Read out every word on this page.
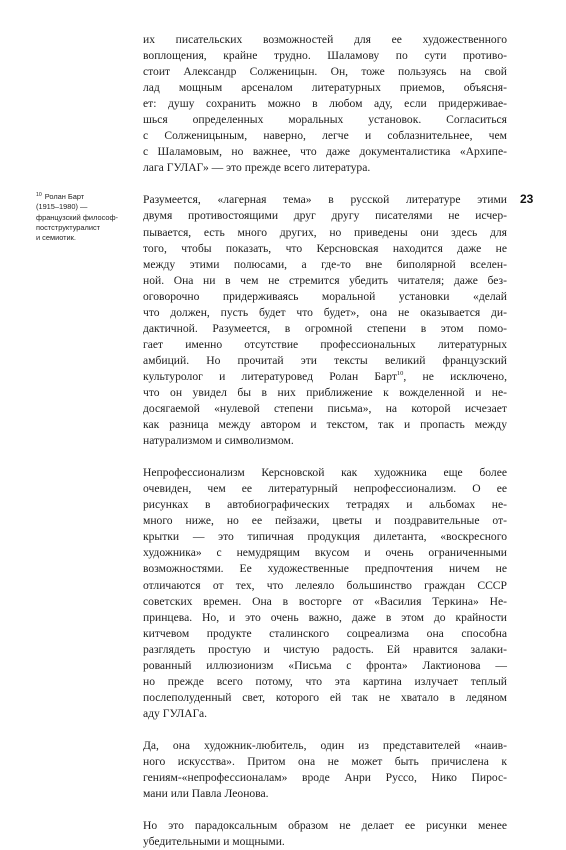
$^{10}$ Ролан Барт
(1915–1980) —
французский философ-
постструктуралист
и семиотик.
23
их писательских возможностей для ее художественного
воплощения, крайне трудно. Шаламову по сути противо-
стоит Александр Солженицын. Он, тоже пользуясь на свой
лад мощным арсеналом литературных приемов, объясня-
ет: душу сохранить можно в любом аду, если придерживае-
шься определенных моральных установок. Согласиться
с Солженицыным, наверно, легче и соблазнительнее, чем
с Шаламовым, но важнее, что даже документалистика «Архипе-
лага ГУЛАГ» — это прежде всего литература.
Разумеется, «лагерная тема» в русской литературе этими
двумя противостоящими друг другу писателями не исчер-
пывается, есть много других, но приведены они здесь для
того, чтобы показать, что Керсновская находится даже не
между этими полюсами, а где-то вне биполярной вселен-
ной. Она ни в чем не стремится убедить читателя; даже без-
оговорочно придерживаясь моральной установки «делай
что должен, пусть будет что будет», она не оказывается ди-
дактичной. Разумеется, в огромной степени в этом помо-
гает именно отсутствие профессиональных литературных
амбиций. Но прочитай эти тексты великий французский
культуролог и литературовед Ролан Барт$^{10}$, не исключено,
что он увидел бы в них приближение к вожделенной и не-
досягаемой «нулевой степени письма», на которой исчезает
как разница между автором и текстом, так и пропасть между
натурализмом и символизмом.
Непрофессионализм Керсновской как художника еще более
очевиден, чем ее литературный непрофессионализм. О ее
рисунках в автобиографических тетрадях и альбомах не-
много ниже, но ее пейзажи, цветы и поздравительные от-
крытки — это типичная продукция дилетанта, «воскресного
художника» с немудрящим вкусом и очень ограниченными
возможностями. Ее художественные предпочтения ничем не
отличаются от тех, что лелеяло большинство граждан СССР
советских времен. Она в восторге от «Василия Теркина» Не-
принцева. Но, и это очень важно, даже в этом до крайности
китчевом продукте сталинского соцреализма она способна
разглядеть простую и чистую радость. Ей нравится залаки-
рованный иллюзионизм «Письма с фронта» Лактионова —
но прежде всего потому, что эта картина излучает теплый
послеполуденный свет, которого ей так не хватало в ледяном
аду ГУЛАГа.
Да, она художник-любитель, один из представителей «наив-
ного искусства». Притом она не может быть причислена к
гениям-«непрофессионалам» вроде Анри Руссо, Нико Пирос-
мани или Павла Леонова.
Но это парадоксальным образом не делает ее рисунки менее
убедительными и мощными.
